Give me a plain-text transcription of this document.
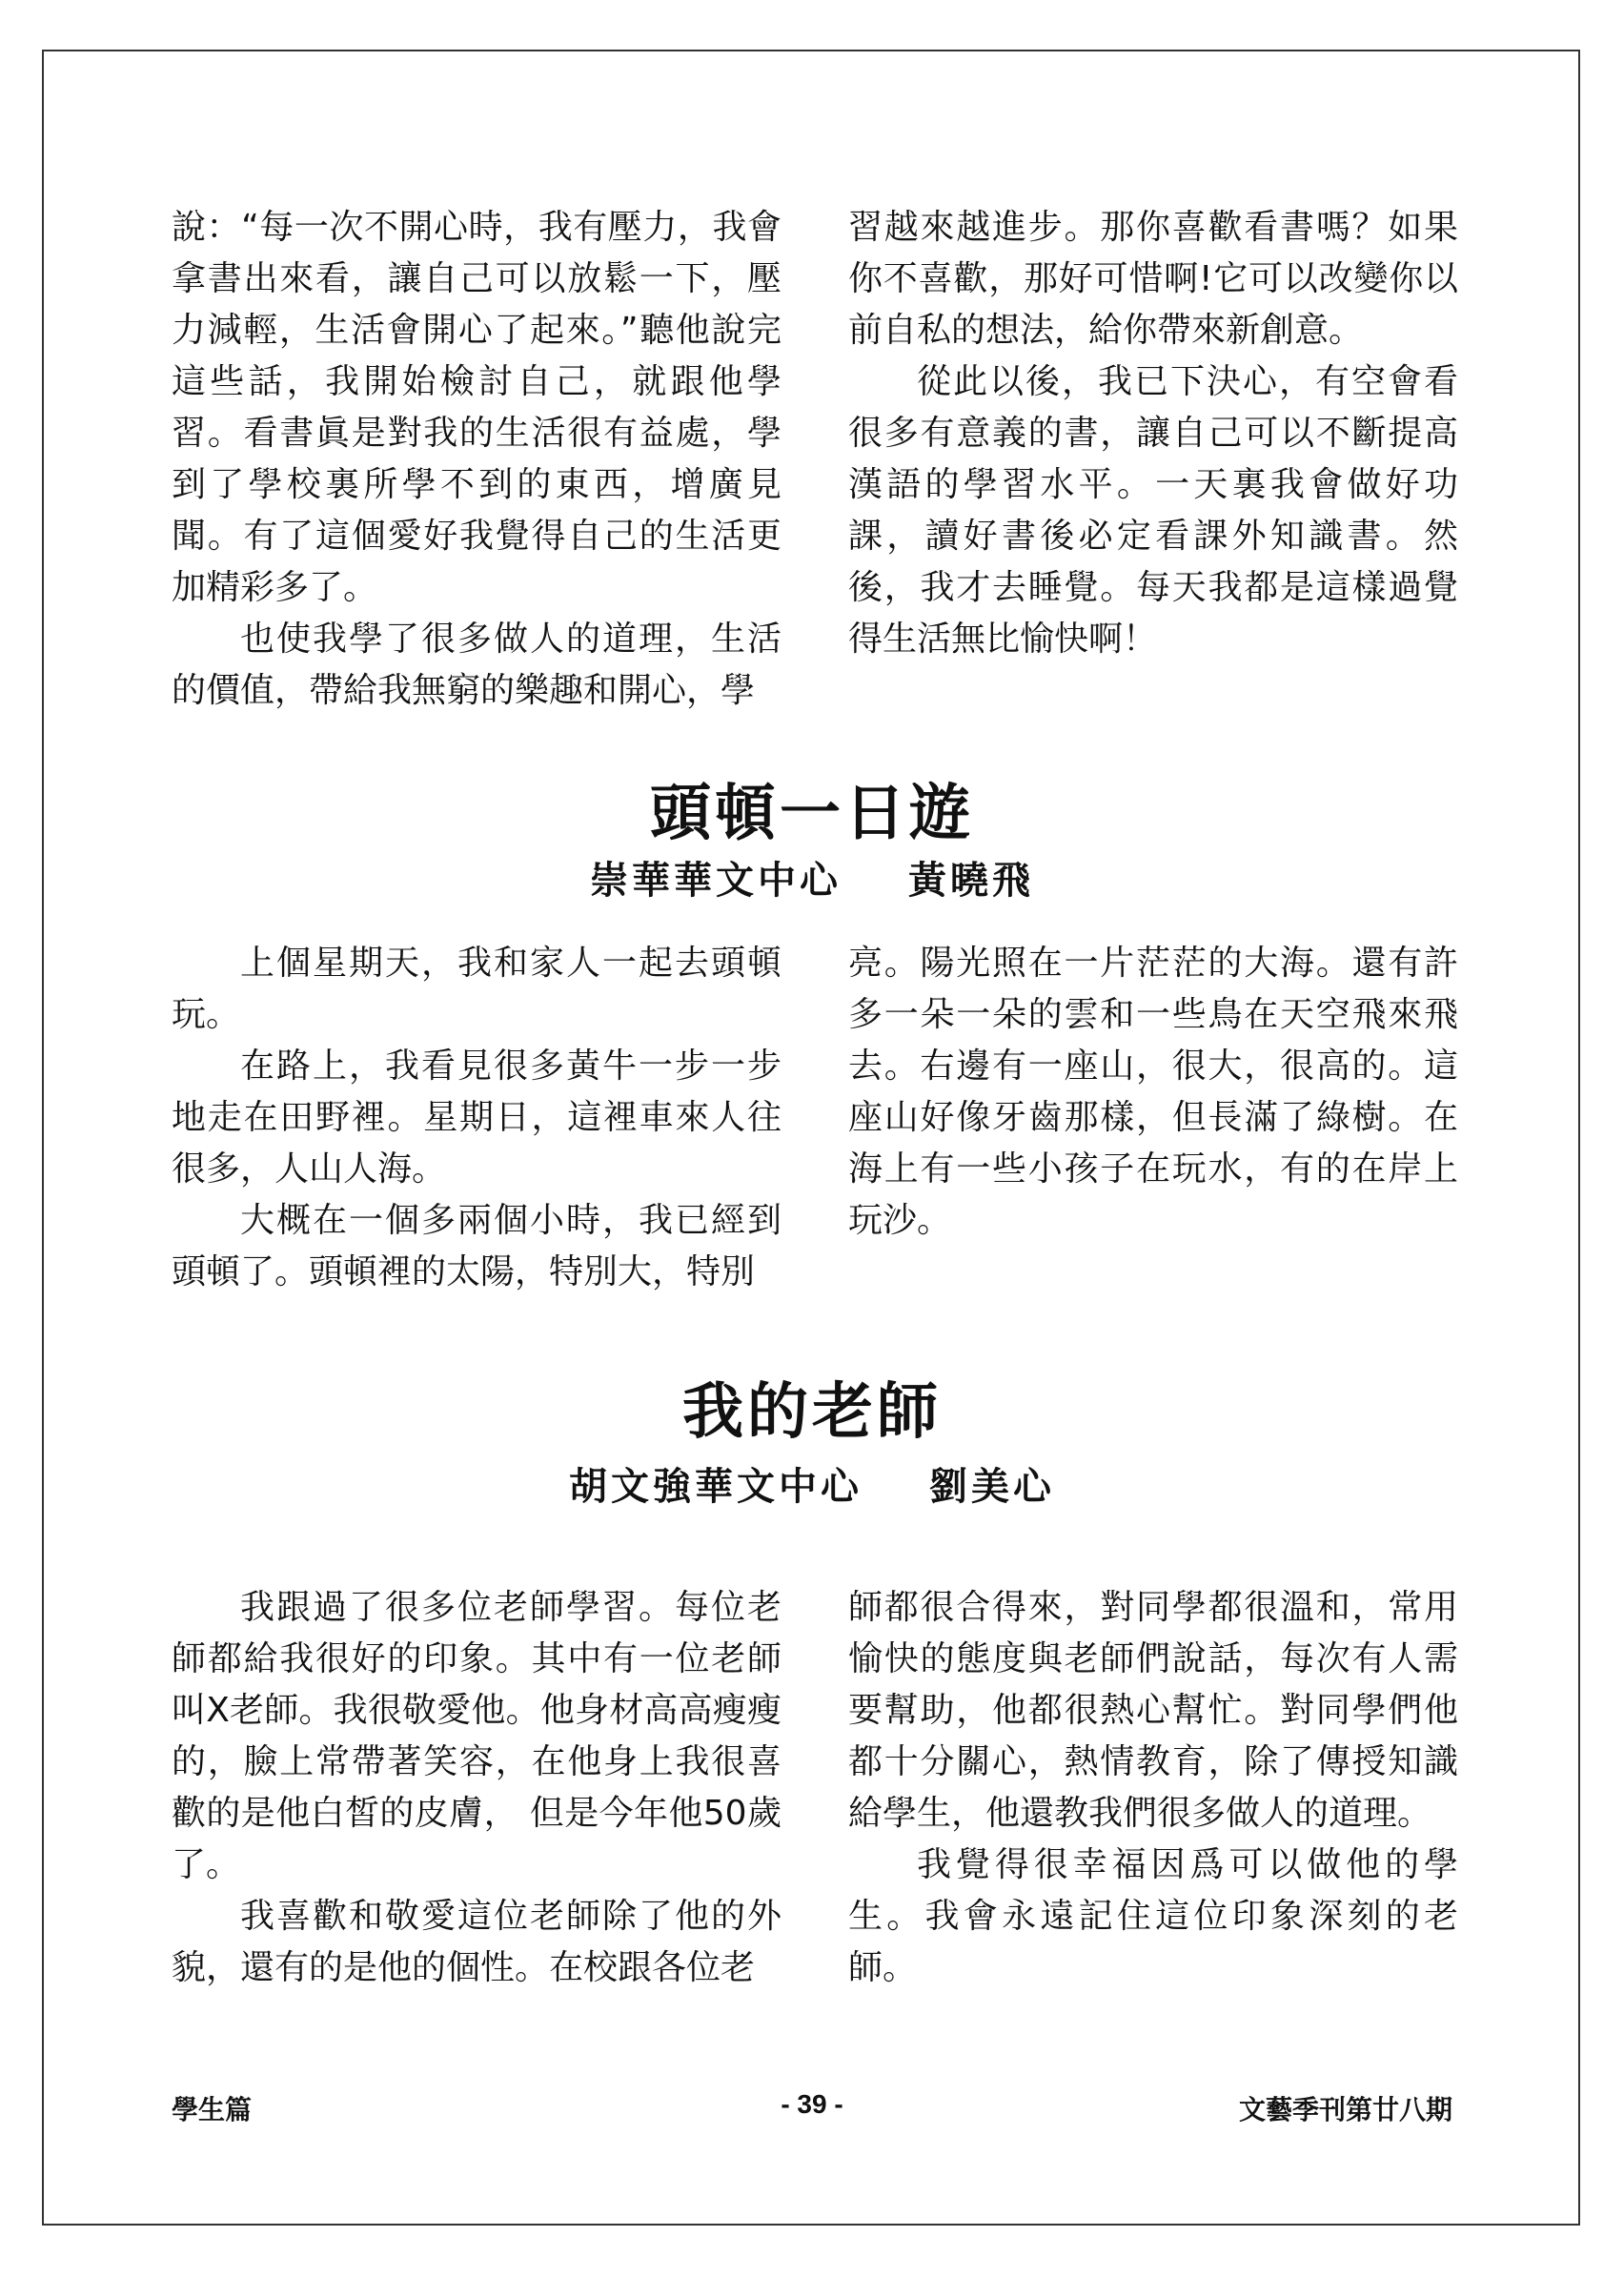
說：“每一次不開心時，我有壓力，我會拿書出來看，讓自己可以放鬆一下，壓力減輕，生活會開心了起來。”聽他說完這些話，我開始檢討自己，就跟他學習。看書眞是對我的生活很有益處，學到了學校裏所學不到的東西，增廣見聞。有了這個愛好我覺得自己的生活更加精彩多了。

也使我學了很多做人的道理，生活的價值，帶給我無窮的樂趣和開心，學

習越來越進步。那你喜歡看書嗎？如果你不喜歡，那好可惜啊!它可以改變你以前自私的想法，給你帶來新創意。

從此以後，我已下決心，有空會看很多有意義的書，讓自己可以不斷提高漢語的學習水平。一天裏我會做好功課，讀好書後必定看課外知識書。然後，我才去睡覺。每天我都是這樣過覺得生活無比愉快啊！

頭頓一日遊
崇華華文中心 黃曉飛

上個星期天，我和家人一起去頭頓玩。

在路上，我看見很多黃牛一步一步地走在田野裡。星期日，這裡車來人往很多，人山人海。

大概在一個多兩個小時，我已經到頭頓了。頭頓裡的太陽，特別大，特別

亮。陽光照在一片茫茫的大海。還有許多一朵一朵的雲和一些鳥在天空飛來飛去。右邊有一座山，很大，很高的。這座山好像牙齒那樣，但長滿了綠樹。在海上有一些小孩子在玩水，有的在岸上玩沙。

我的老師
胡文強華文中心 劉美心

我跟過了很多位老師學習。每位老師都給我很好的印象。其中有一位老師叫X老師。我很敬愛他。他身材高高瘦瘦的，臉上常帶著笑容，在他身上我很喜歡的是他白皙的皮膚， 但是今年他50歲了。

我喜歡和敬愛這位老師除了他的外貌，還有的是他的個性。在校跟各位老

師都很合得來，對同學都很溫和，常用愉快的態度與老師們說話，每次有人需要幫助，他都很熱心幫忙。對同學們他都十分關心，熱情教育，除了傳授知識給學生，他還教我們很多做人的道理。

我覺得很幸福因爲可以做他的學生。我會永遠記住這位印象深刻的老師。

學生篇	- 39 -	文藝季刊第廿八期
